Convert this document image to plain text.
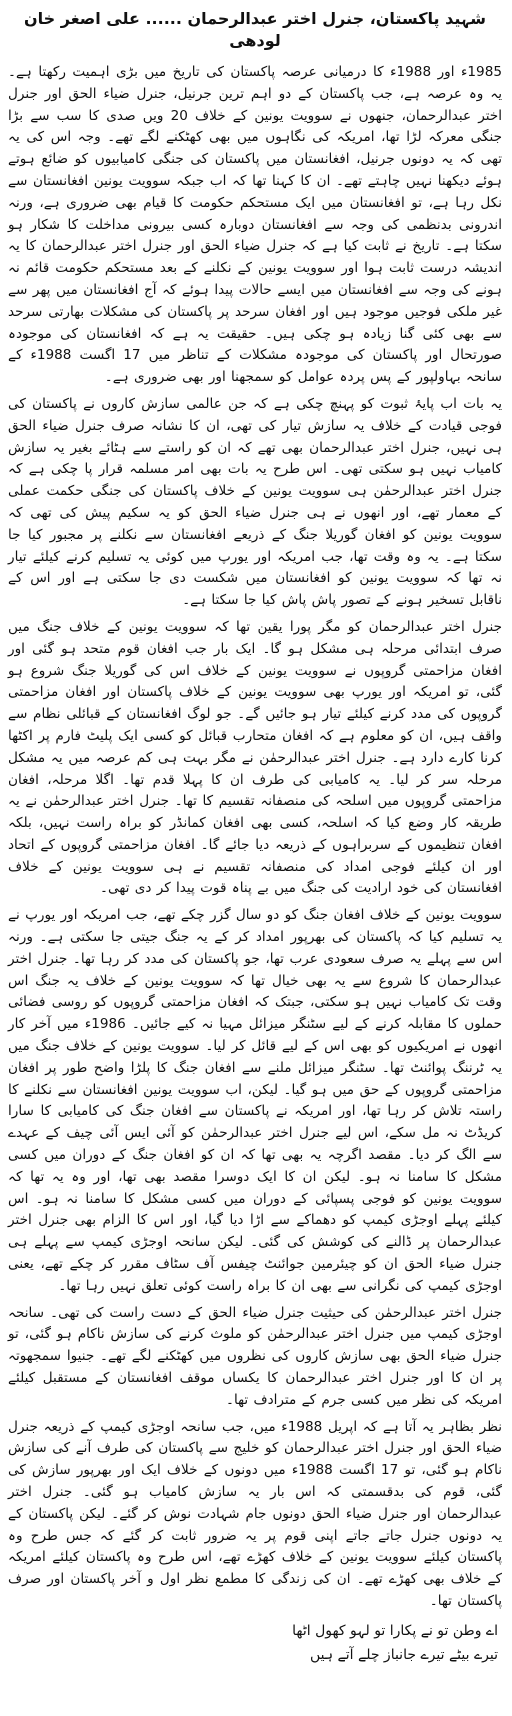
شہید پاکستان، جنرل اختر عبدالرحمان ...... علی اصغر خان لودھی

1985ء اور 1988ء کا درمیانی عرصہ پاکستان کی تاریخ میں بڑی اہمیت رکھتا ہے۔ یہ وہ عرصہ ہے، جب پاکستان کے دو اہم ترین جرنیل، جنرل ضیاء الحق اور جنرل اختر عبدالرحمان، جنھوں نے سوویت یونین کے خلاف 20 ویں صدی کا سب سے بڑا جنگی معرکہ لڑا تھا، امریکہ کی نگاہوں میں بھی کھٹکنے لگے تھے۔ وجہ اس کی یہ تھی کہ یہ دونوں جرنیل، افغانستان میں پاکستان کی جنگی کامیابیوں کو ضائع ہوتے ہوئے دیکھنا نہیں چاہتے تھے۔ ان کا کہنا تھا کہ اب جبکہ سوویت یونین افغانستان سے نکل رہا ہے، تو افغانستان میں ایک مستحکم حکومت کا قیام بھی ضروری ہے، ورنہ اندرونی بدنظمی کی وجہ سے افغانستان دوبارہ کسی بیرونی مداخلت کا شکار ہو سکتا ہے۔ تاریخ نے ثابت کیا ہے کہ جنرل ضیاء الحق اور جنرل اختر عبدالرحمان کا یہ اندیشہ درست ثابت ہوا اور سوویت یونین کے نکلنے کے بعد مستحکم حکومت قائم نہ ہونے کی وجہ سے افغانستان میں ایسے حالات پیدا ہوئے کہ آج افغانستان میں پھر سے غیر ملکی فوجیں موجود ہیں اور افغان سرحد پر پاکستان کی مشکلات بھارتی سرحد سے بھی کئی گنا زیادہ ہو چکی ہیں۔ حقیقت یہ ہے کہ افغانستان کی موجودہ صورتحال اور پاکستان کی موجودہ مشکلات کے تناظر میں 17 اگست 1988ء کے سانحہ بہاولپور کے پس پردہ عوامل کو سمجھنا اور بھی ضروری ہے۔

یہ بات اب پایۂ ثبوت کو پہنچ چکی ہے کہ جن عالمی سازش کاروں نے پاکستان کی فوجی قیادت کے خلاف یہ سازش تیار کی تھی، ان کا نشانہ صرف جنرل ضیاء الحق ہی نہیں، جنرل اختر عبدالرحمان بھی تھے کہ ان کو راستے سے ہٹائے بغیر یہ سازش کامیاب نہیں ہو سکتی تھی۔ اس طرح یہ بات بھی امر مسلمہ قرار پا چکی ہے کہ جنرل اختر عبدالرحمٰن ہی سوویت یونین کے خلاف پاکستان کی جنگی حکمت عملی کے معمار تھے، اور انھوں نے ہی جنرل ضیاء الحق کو یہ سکیم پیش کی تھی کہ سوویت یونین کو افغان گوریلا جنگ کے ذریعے افغانستان سے نکلنے پر مجبور کیا جا سکتا ہے۔ یہ وہ وقت تھا، جب امریکہ اور یورپ میں کوئی یہ تسلیم کرنے کیلئے تیار نہ تھا کہ سوویت یونین کو افغانستان میں شکست دی جا سکتی ہے اور اس کے ناقابل تسخیر ہونے کے تصور پاش پاش کیا جا سکتا ہے۔

جنرل اختر عبدالرحمان کو مگر پورا یقین تھا کہ سوویت یونین کے خلاف جنگ میں صرف ابتدائی مرحلہ ہی مشکل ہو گا۔ ایک بار جب افغان قوم متحد ہو گئی اور افغان مزاحمتی گروپوں نے سوویت یونین کے خلاف اس کی گوریلا جنگ شروع ہو گئی، تو امریکہ اور یورپ بھی سوویت یونین کے خلاف پاکستان اور افغان مزاحمتی گروپوں کی مدد کرنے کیلئے تیار ہو جائیں گے۔ جو لوگ افغانستان کے قبائلی نظام سے واقف ہیں، ان کو معلوم ہے کہ افغان متحارب قبائل کو کسی ایک پلیٹ فارم پر اکٹھا کرنا کارے دارد ہے۔ جنرل اختر عبدالرحمٰن نے مگر بہت ہی کم عرصہ میں یہ مشکل مرحلہ سر کر لیا۔ یہ کامیابی کی طرف ان کا پہلا قدم تھا۔ اگلا مرحلہ، افغان مزاحمتی گروپوں میں اسلحہ کی منصفانہ تقسیم کا تھا۔ جنرل اختر عبدالرحمٰن نے یہ طریقہ کار وضع کیا کہ اسلحہ، کسی بھی افغان کمانڈر کو براہ راست نہیں، بلکہ افغان تنظیموں کے سربراہوں کے ذریعہ دیا جائے گا۔ افغان مزاحمتی گروپوں کے اتحاد اور ان کیلئے فوجی امداد کی منصفانہ تقسیم نے ہی سوویت یونین کے خلاف افغانستان کی خود ارادیت کی جنگ میں بے پناہ قوت پیدا کر دی تھی۔

سوویت یونین کے خلاف افغان جنگ کو دو سال گزر چکے تھے، جب امریکہ اور یورپ نے یہ تسلیم کیا کہ پاکستان کی بھرپور امداد کر کے یہ جنگ جیتی جا سکتی ہے۔ ورنہ اس سے پہلے یہ صرف سعودی عرب تھا، جو پاکستان کی مدد کر رہا تھا۔ جنرل اختر عبدالرحمان کا شروع سے یہ بھی خیال تھا کہ سوویت یونین کے خلاف یہ جنگ اس وقت تک کامیاب نہیں ہو سکتی، جبتک کہ افغان مزاحمتی گروپوں کو روسی فضائی حملوں کا مقابلہ کرنے کے لیے سٹنگر میزائل مہیا نہ کیے جائیں۔ 1986ء میں آخر کار انھوں نے امریکیوں کو بھی اس کے لیے قائل کر لیا۔ سوویت یونین کے خلاف جنگ میں یہ ٹرننگ پوائنٹ تھا۔ سٹنگر میزائل ملنے سے افغان جنگ کا پلڑا واضح طور پر افغان مزاحمتی گروپوں کے حق میں ہو گیا۔ لیکن، اب سوویت یونین افغانستان سے نکلنے کا راستہ تلاش کر رہا تھا، اور امریکہ نے پاکستان سے افغان جنگ کی کامیابی کا سارا کریڈٹ نہ مل سکے، اس لیے جنرل اختر عبدالرحمٰن کو آئی ایس آئی چیف کے عہدے سے الگ کر دیا۔ مقصد اگرچہ یہ بھی تھا کہ ان کو افغان جنگ کے دوران میں کسی مشکل کا سامنا نہ ہو۔ لیکن ان کا ایک دوسرا مقصد بھی تھا، اور وہ یہ تھا کہ سوویت یونین کو فوجی پسپائی کے دوران میں کسی مشکل کا سامنا نہ ہو۔ اس کیلئے پہلے اوجڑی کیمپ کو دھماکے سے اڑا دیا گیا، اور اس کا الزام بھی جنرل اختر عبدالرحمان پر ڈالنے کی کوشش کی گئی۔ لیکن سانحہ اوجڑی کیمپ سے پہلے ہی جنرل ضیاء الحق ان کو چیئرمین جوائنٹ چیفس آف سٹاف مقرر کر چکے تھے، یعنی اوجڑی کیمپ کی نگرانی سے بھی ان کا براہ راست کوئی تعلق نہیں رہا تھا۔

جنرل اختر عبدالرحمٰن کی حیثیت جنرل ضیاء الحق کے دست راست کی تھی۔ سانحہ اوجڑی کیمپ میں جنرل اختر عبدالرحمٰن کو ملوث کرنے کی سازش ناکام ہو گئی، تو جنرل ضیاء الحق بھی سازش کاروں کی نظروں میں کھٹکنے لگے تھے۔ جنیوا سمجھوتہ پر ان کا اور جنرل اختر عبدالرحمان کا یکساں موقف افغانستان کے مستقبل کیلئے امریکہ کی نظر میں کسی جرم کے مترادف تھا۔

نظر بظاہر یہ آتا ہے کہ اپریل 1988ء میں، جب سانحہ اوجڑی کیمپ کے ذریعہ جنرل ضیاء الحق اور جنرل اختر عبدالرحمان کو خلیج سے پاکستان کی طرف آنے کی سازش ناکام ہو گئی، تو 17 اگست 1988ء میں دونوں کے خلاف ایک اور بھرپور سازش کی گئی، قوم کی بدقسمتی کہ اس بار یہ سازش کامیاب ہو گئی۔ جنرل اختر عبدالرحمان اور جنرل ضیاء الحق دونوں جام شہادت نوش کر گئے۔ لیکن پاکستان کے یہ دونوں جنرل جاتے جاتے اپنی قوم پر یہ ضرور ثابت کر گئے کہ جس طرح وہ پاکستان کیلئے سوویت یونین کے خلاف کھڑے تھے، اس طرح وہ پاکستان کیلئے امریکہ کے خلاف بھی کھڑے تھے۔ ان کی زندگی کا مطمع نظر اول و آخر پاکستان اور صرف پاکستان تھا۔

اے وطن تو نے پکارا تو لہو کھول اٹھا
تیرے بیٹے تیرے جانباز چلے آتے ہیں
